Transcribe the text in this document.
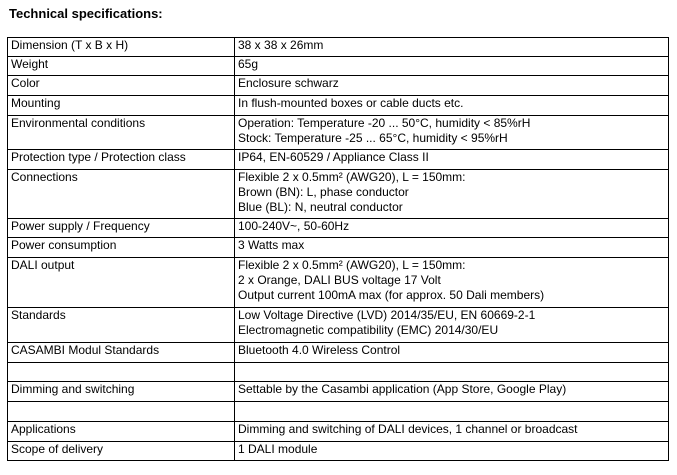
Technical specifications:
Dimension (T x B x H)	38 x 38 x 26mm

Weight	65g

Color	Enclosure schwarz

Mounting	In flush-mounted boxes or cable ducts etc.

Environmental conditions	Operation: Temperature -20 ... 50°C, humidity < 85%rH
Stock: Temperature -25 ... 65°C, humidity < 95%rH

Protection type / Protection class	IP64, EN-60529 / Appliance Class II

Connections	Flexible 2 x 0.5mm² (AWG20), L = 150mm:
Brown (BN): L, phase conductor
Blue (BL): N, neutral conductor

Power supply / Frequency	100-240V~, 50-60Hz

Power consumption	3 Watts max

DALI output	Flexible 2 x 0.5mm² (AWG20), L = 150mm:
2 x Orange, DALI BUS voltage 17 Volt
Output current 100mA max (for approx. 50 Dali members)

Standards	Low Voltage Directive (LVD) 2014/35/EU, EN 60669-2-1
Electromagnetic compatibility (EMC) 2014/30/EU

CASAMBI Modul Standards	Bluetooth 4.0 Wireless Control

Dimming and switching	Settable by the Casambi application (App Store, Google Play)

Applications	Dimming and switching of DALI devices, 1 channel or broadcast

Scope of delivery	1 DALI module
